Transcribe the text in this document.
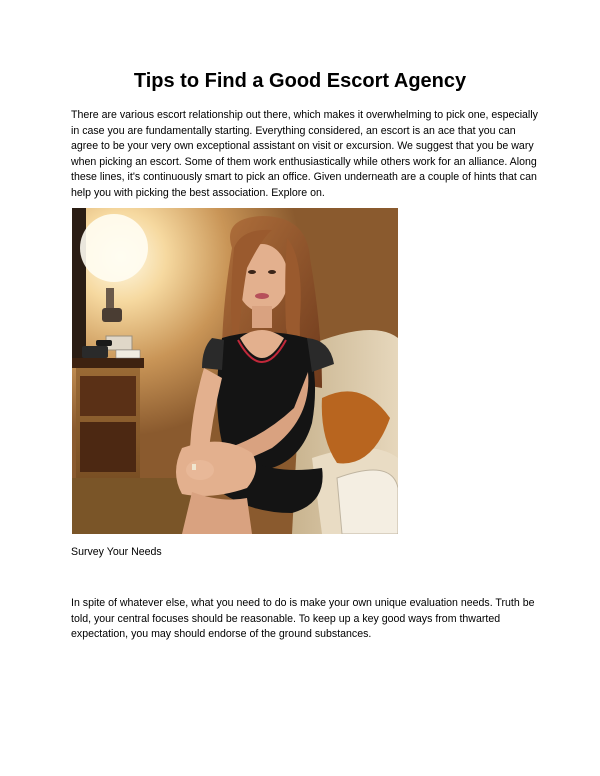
Tips to Find a Good Escort Agency

There are various escort relationship out there, which makes it overwhelming to pick one, especially in case you are fundamentally starting. Everything considered, an escort is an ace that you can agree to be your very own exceptional assistant on visit or excursion. We suggest that you be wary when picking an escort. Some of them work enthusiastically while others work for an alliance. Along these lines, it's continuously smart to pick an office. Given underneath are a couple of hints that can help you with picking the best association. Explore on.

Survey Your Needs

In spite of whatever else, what you need to do is make your own unique evaluation needs. Truth be told, your central focuses should be reasonable. To keep up a key good ways from thwarted expectation, you may should endorse of the ground substances.
